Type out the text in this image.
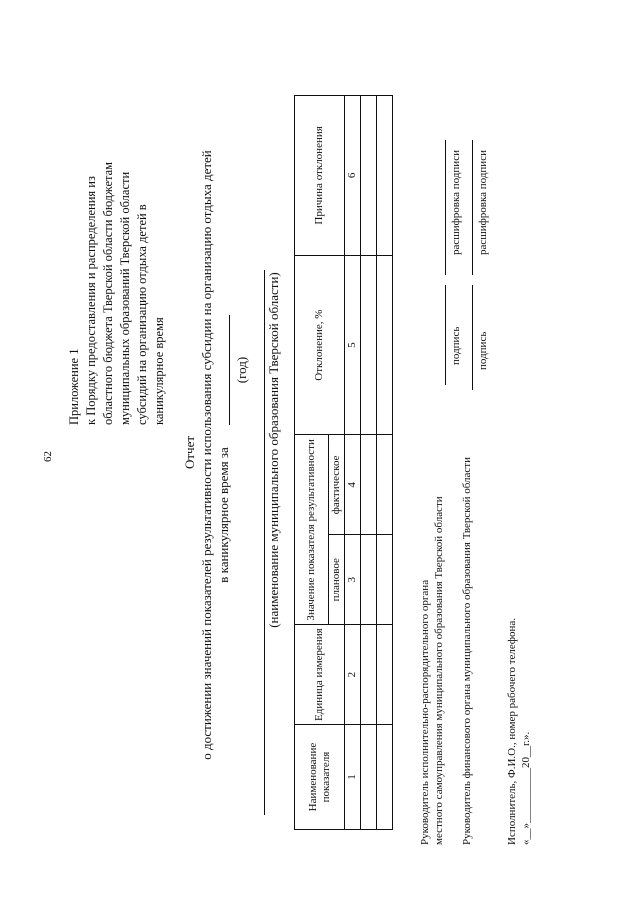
62
Приложение 1 к Порядку предоставления и распределения из областного бюджета Тверской области бюджетам муниципальных образований Тверской области субсидий на организацию отдыха детей в каникулярное время
Отчет о достижении значений показателей результативности использования субсидии на организацию отдыха детей в каникулярное время за
(год) (наименование муниципального образования Тверской области)
Наименование показателя	Единица измерения	Значение показателя результативности		Отклонение, %	Причина отклонения
		плановое	фактическое		
1	2	3	4	5	6

Руководитель исполнительно-распорядительного органа местного самоуправления муниципального образования Тверской области
подпись
расшифровка подписи
Руководитель финансового органа муниципального образования Тверской области
подпись
расшифровка подписи
Исполнитель, Ф.И.О., номер рабочего телефона. «__»__________20__г.».
